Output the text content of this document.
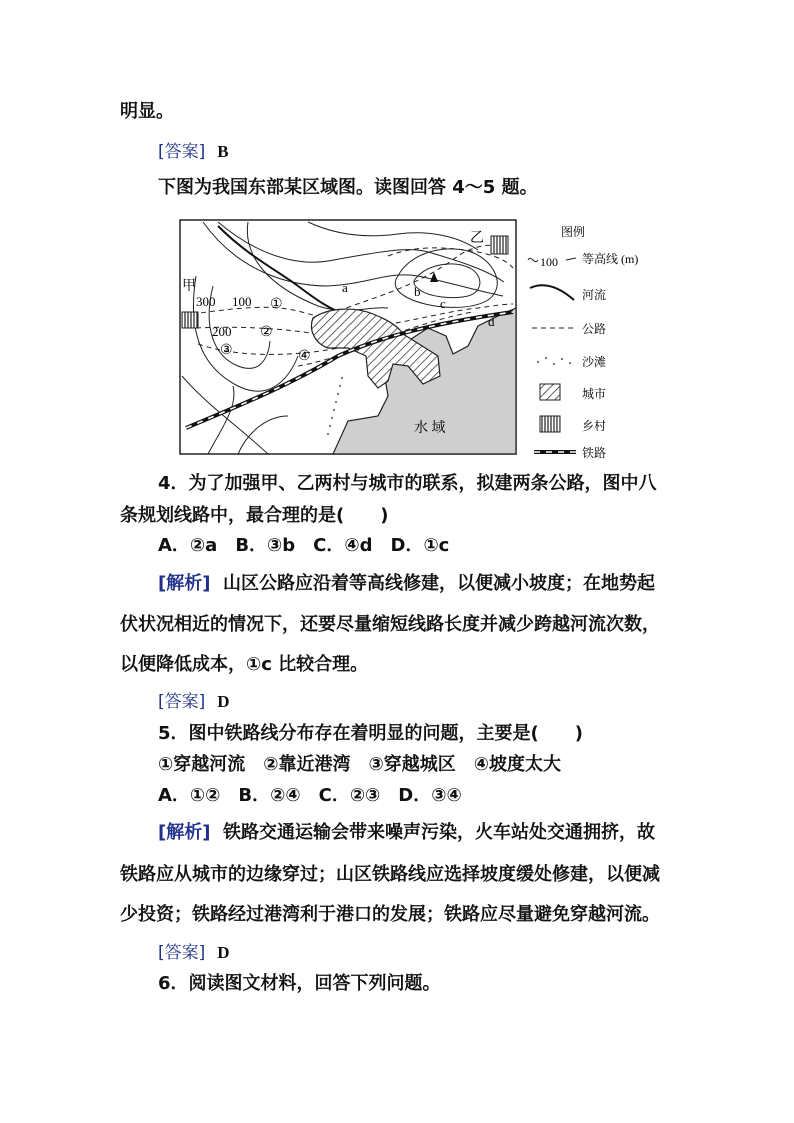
明显。
[答案] B
下图为我国东部某区域图。读图回答 4～5 题。
甲
乙
300 100
200
①
②
③	④
a	b
c
d
水 域
图例
100 等高线 (m)
河流
公路
沙滩
城市
乡村
铁路
4．为了加强甲、乙两村与城市的联系，拟建两条公路，图中八
条规划线路中，最合理的是(　　)
A．②a　B．③b　C．④d　D．①c
[解析] 山区公路应沿着等高线修建，以便减小坡度；在地势起
伏状况相近的情况下，还要尽量缩短线路长度并减少跨越河流次数，
以便降低成本，①c 比较合理。
[答案] D
5．图中铁路线分布存在着明显的问题，主要是(　　)
①穿越河流　②靠近港湾　③穿越城区　④坡度太大
A．①②　B．②④　C．②③　D．③④
[解析] 铁路交通运输会带来噪声污染，火车站处交通拥挤，故
铁路应从城市的边缘穿过；山区铁路线应选择坡度缓处修建，以便减
少投资；铁路经过港湾利于港口的发展；铁路应尽量避免穿越河流。
[答案] D
6．阅读图文材料，回答下列问题。
